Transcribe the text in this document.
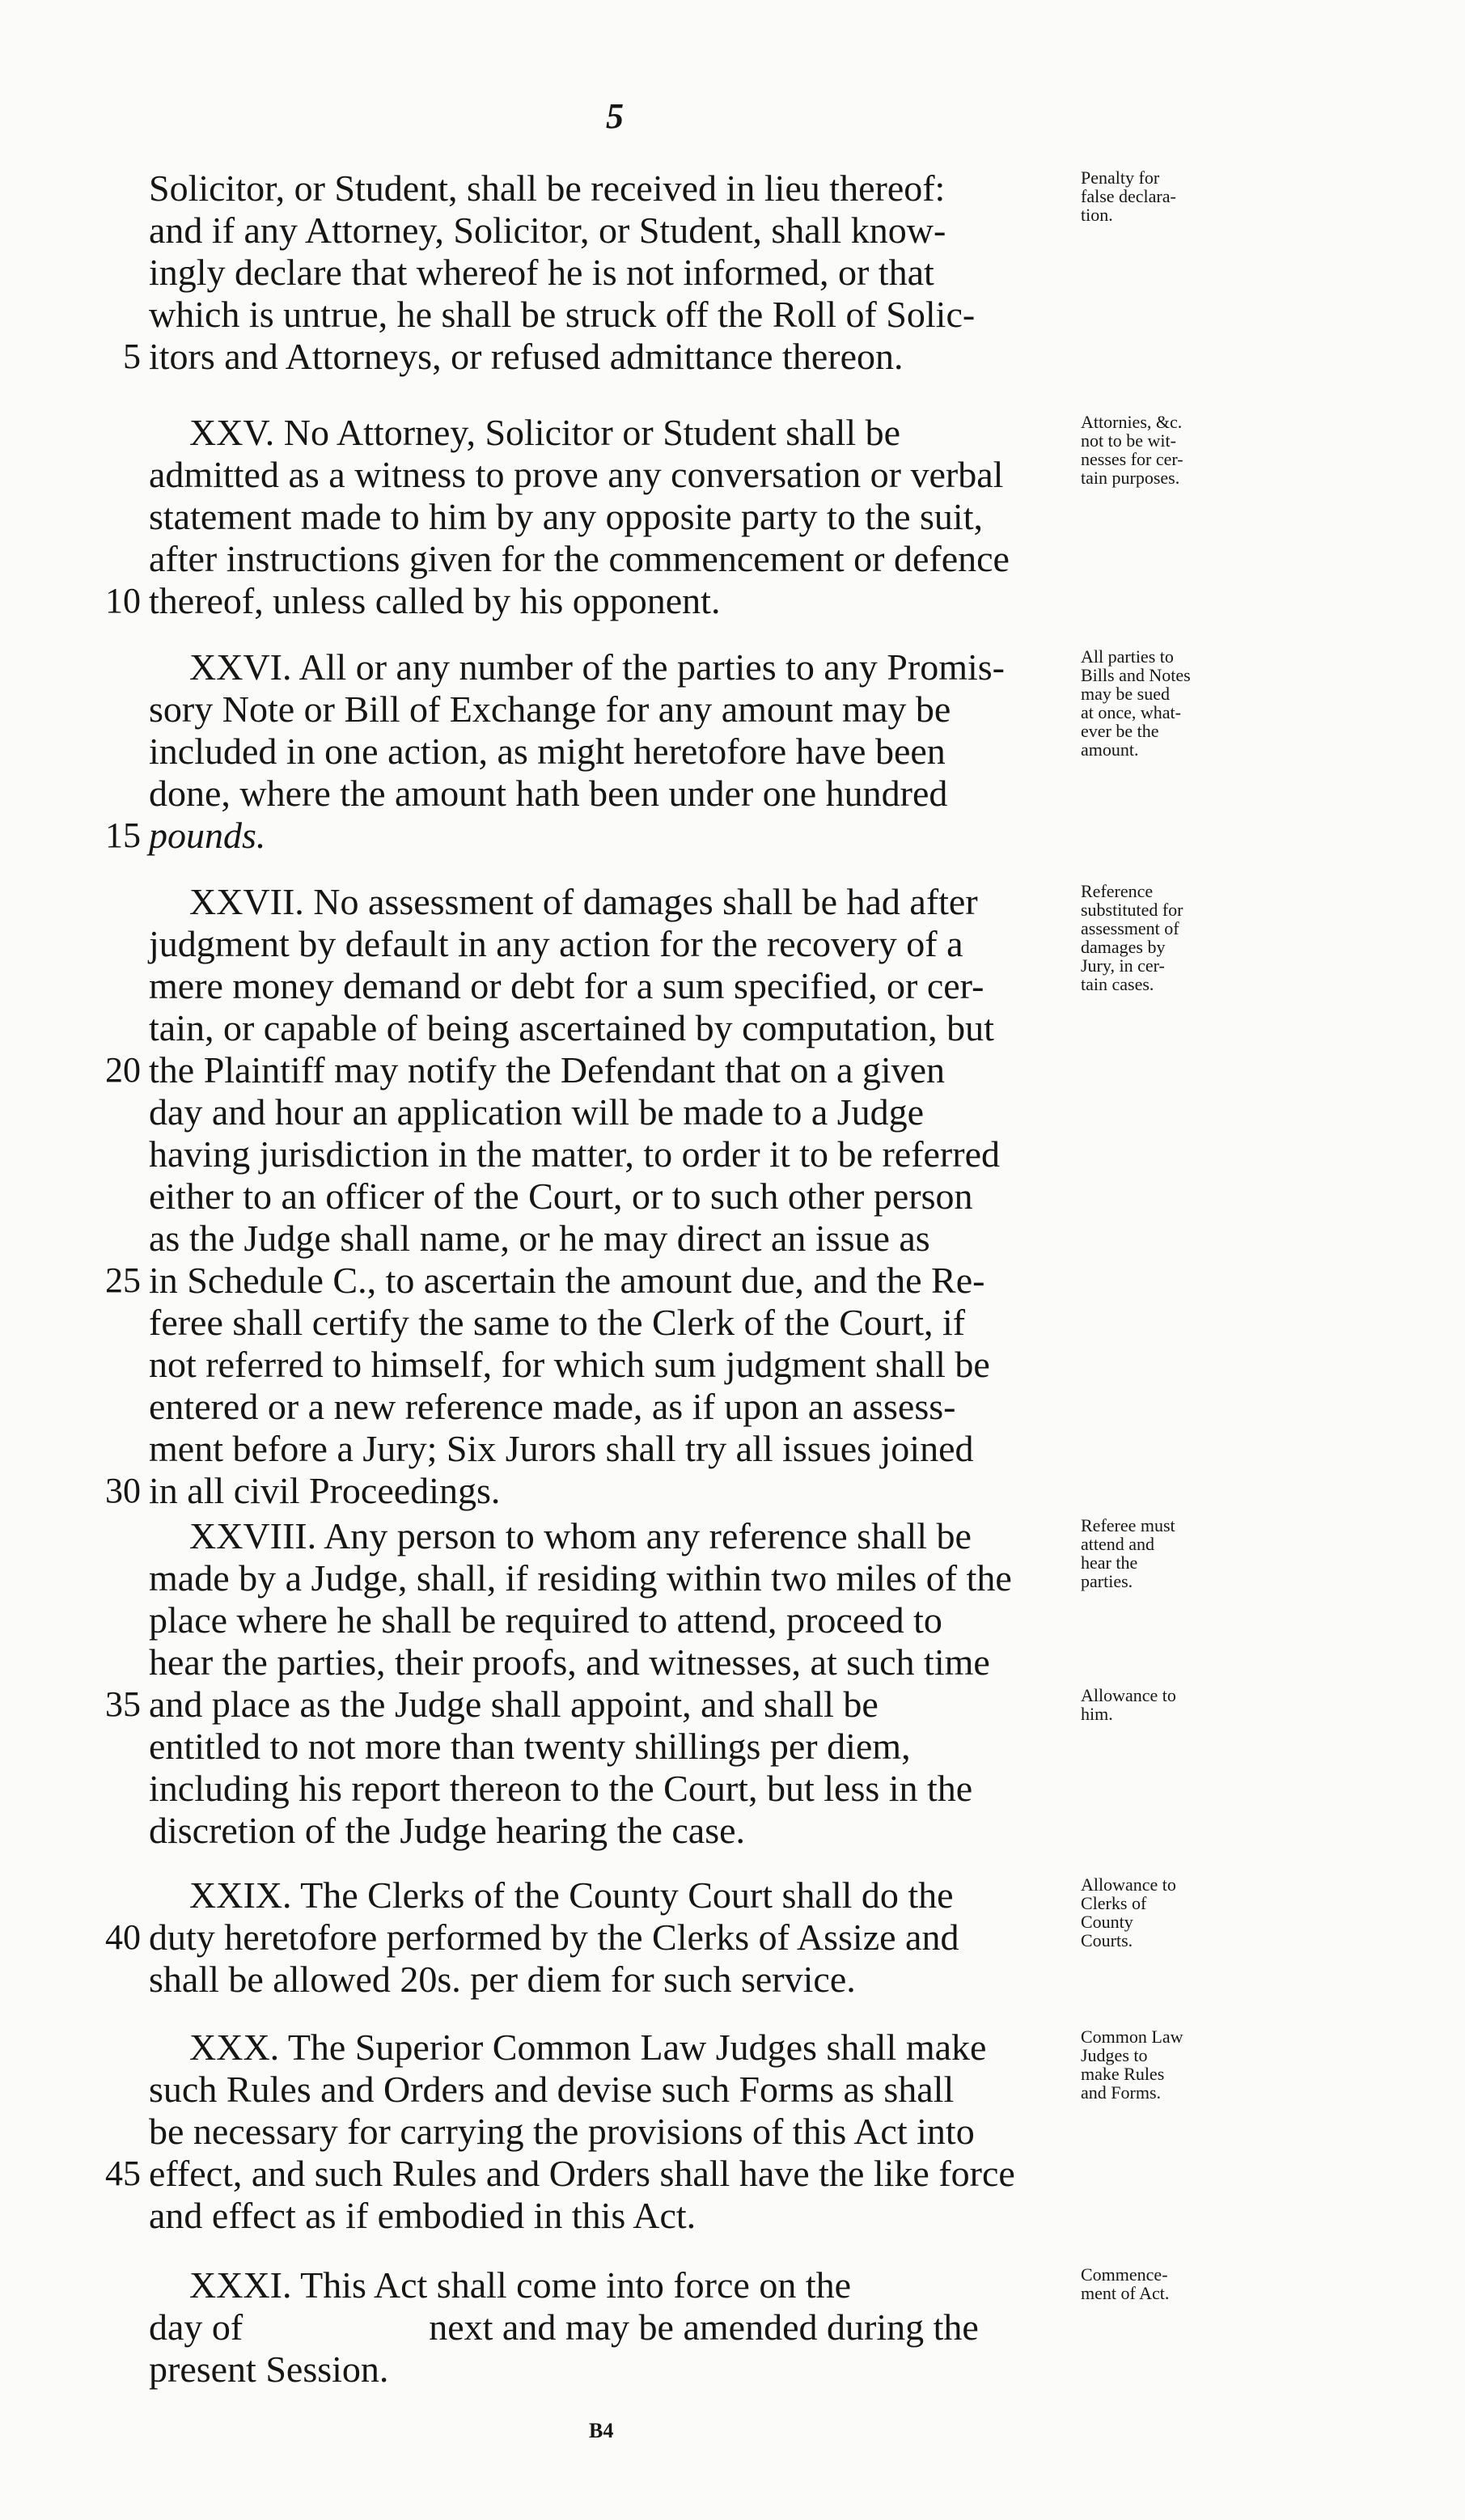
5
Solicitor, or Student, shall be received in lieu thereof:
and if any Attorney, Solicitor, or Student, shall know-
ingly declare that whereof he is not informed, or that
which is untrue, he shall be struck off the Roll of Solic-
5 itors and Attorneys, or refused admittance thereon.
Penalty for
false declara-
tion.
XXV. No Attorney, Solicitor or Student shall be
admitted as a witness to prove any conversation or verbal
statement made to him by any opposite party to the suit,
after instructions given for the commencement or defence
10 thereof, unless called by his opponent.
Attornies, &c.
not to be wit-
nesses for cer-
tain purposes.
XXVI. All or any number of the parties to any Promis-
sory Note or Bill of Exchange for any amount may be
included in one action, as might heretofore have been
done, where the amount hath been under one hundred
15 pounds.
All parties to
Bills and Notes
may be sued
at once, what-
ever be the
amount.
XXVII. No assessment of damages shall be had after
judgment by default in any action for the recovery of a
mere money demand or debt for a sum specified, or cer-
tain, or capable of being ascertained by computation, but
20 the Plaintiff may notify the Defendant that on a given
day and hour an application will be made to a Judge
having jurisdiction in the matter, to order it to be referred
either to an officer of the Court, or to such other person
as the Judge shall name, or he may direct an issue as
25 in Schedule C., to ascertain the amount due, and the Re-
feree shall certify the same to the Clerk of the Court, if
not referred to himself, for which sum judgment shall be
entered or a new reference made, as if upon an assess-
ment before a Jury; Six Jurors shall try all issues joined
30 in all civil Proceedings.
Reference
substituted for
assessment of
damages by
Jury, in cer-
tain cases.
XXVIII. Any person to whom any reference shall be
made by a Judge, shall, if residing within two miles of the
place where he shall be required to attend, proceed to
hear the parties, their proofs, and witnesses, at such time
35 and place as the Judge shall appoint, and shall be
entitled to not more than twenty shillings per diem,
including his report thereon to the Court, but less in the
discretion of the Judge hearing the case.
Referee must
attend and
hear the
parties.
Allowance to
him.
XXIX. The Clerks of the County Court shall do the
40 duty heretofore performed by the Clerks of Assize and
shall be allowed 20s. per diem for such service.
Allowance to
Clerks of
County
Courts.
XXX. The Superior Common Law Judges shall make
such Rules and Orders and devise such Forms as shall
be necessary for carrying the provisions of this Act into
45 effect, and such Rules and Orders shall have the like force
and effect as if embodied in this Act.
Common Law
Judges to
make Rules
and Forms.
XXXI. This Act shall come into force on the
day of                    next and may be amended during the
present Session.
Commence-
ment of Act.
B4
